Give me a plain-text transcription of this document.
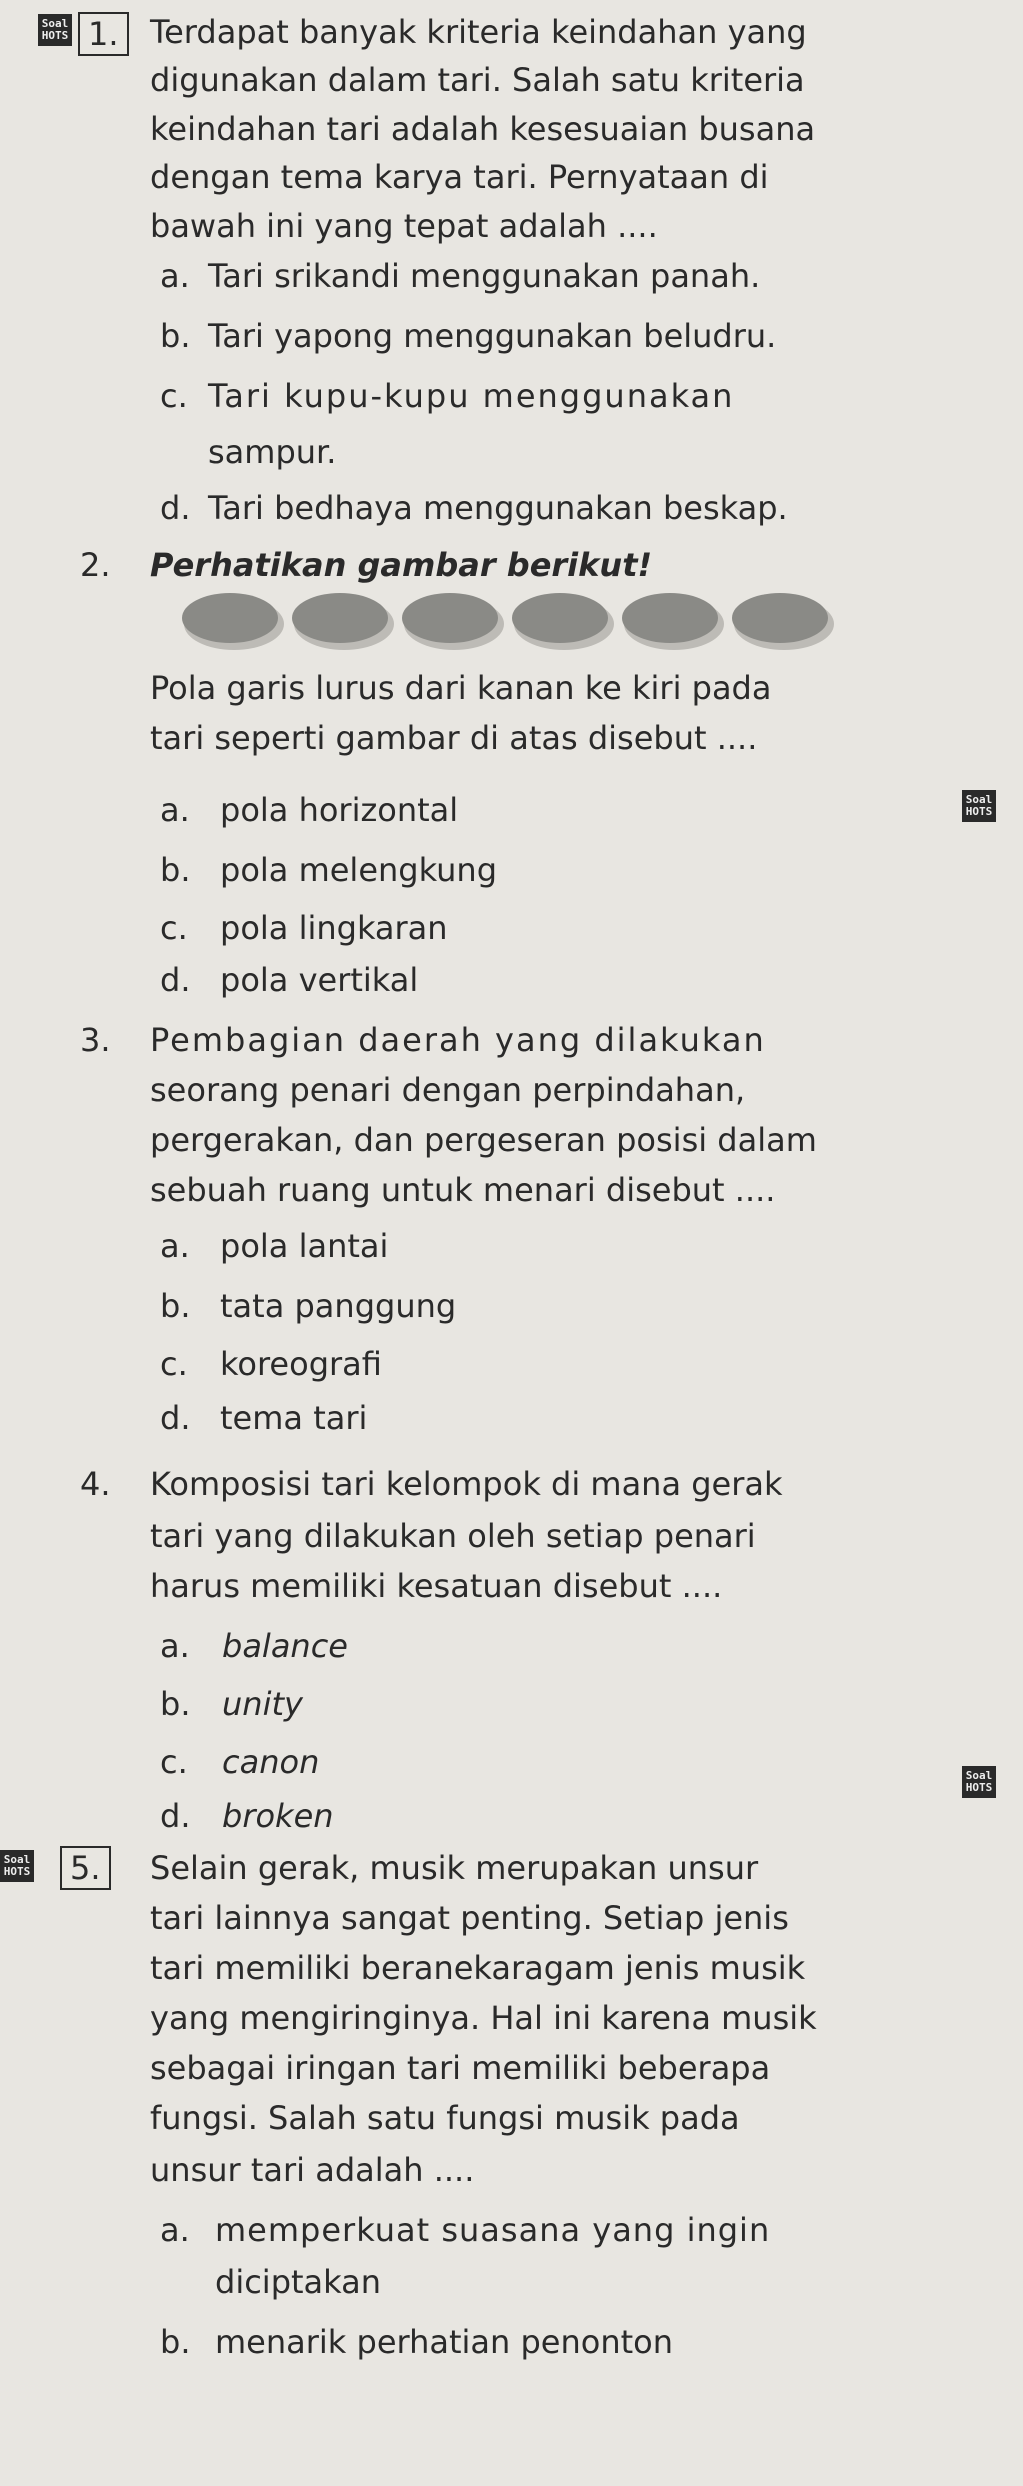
Soal
HOTS 1. Terdapat banyak kriteria keindahan yang
digunakan dalam tari. Salah satu kriteria
keindahan tari adalah kesesuaian busana
dengan tema karya tari. Pernyataan di
bawah ini yang tepat adalah ....
a. Tari srikandi menggunakan panah.
b. Tari yapong menggunakan beludru.
c. Tari kupu-kupu menggunakan
sampur.
d. Tari bedhaya menggunakan beskap.
2. Perhatikan gambar berikut!
Pola garis lurus dari kanan ke kiri pada
tari seperti gambar di atas disebut ....
Soal
HOTS
a. pola horizontal
b. pola melengkung
c. pola lingkaran
d. pola vertikal
3. Pembagian daerah yang dilakukan
seorang penari dengan perpindahan,
pergerakan, dan pergeseran posisi dalam
sebuah ruang untuk menari disebut ....
a. pola lantai
b. tata panggung
c. koreografi
d. tema tari
4. Komposisi tari kelompok di mana gerak
tari yang dilakukan oleh setiap penari
harus memiliki kesatuan disebut ....
a. balance
b. unity
c. canon
d. broken
Soal
HOTS
Soal
HOTS	5.	Selain gerak, musik merupakan unsur
tari lainnya sangat penting. Setiap jenis
tari memiliki beranekaragam jenis musik
yang mengiringinya. Hal ini karena musik
sebagai iringan tari memiliki beberapa
fungsi. Salah satu fungsi musik pada
unsur tari adalah ....
a. memperkuat suasana yang ingin
diciptakan
b. menarik perhatian penonton
